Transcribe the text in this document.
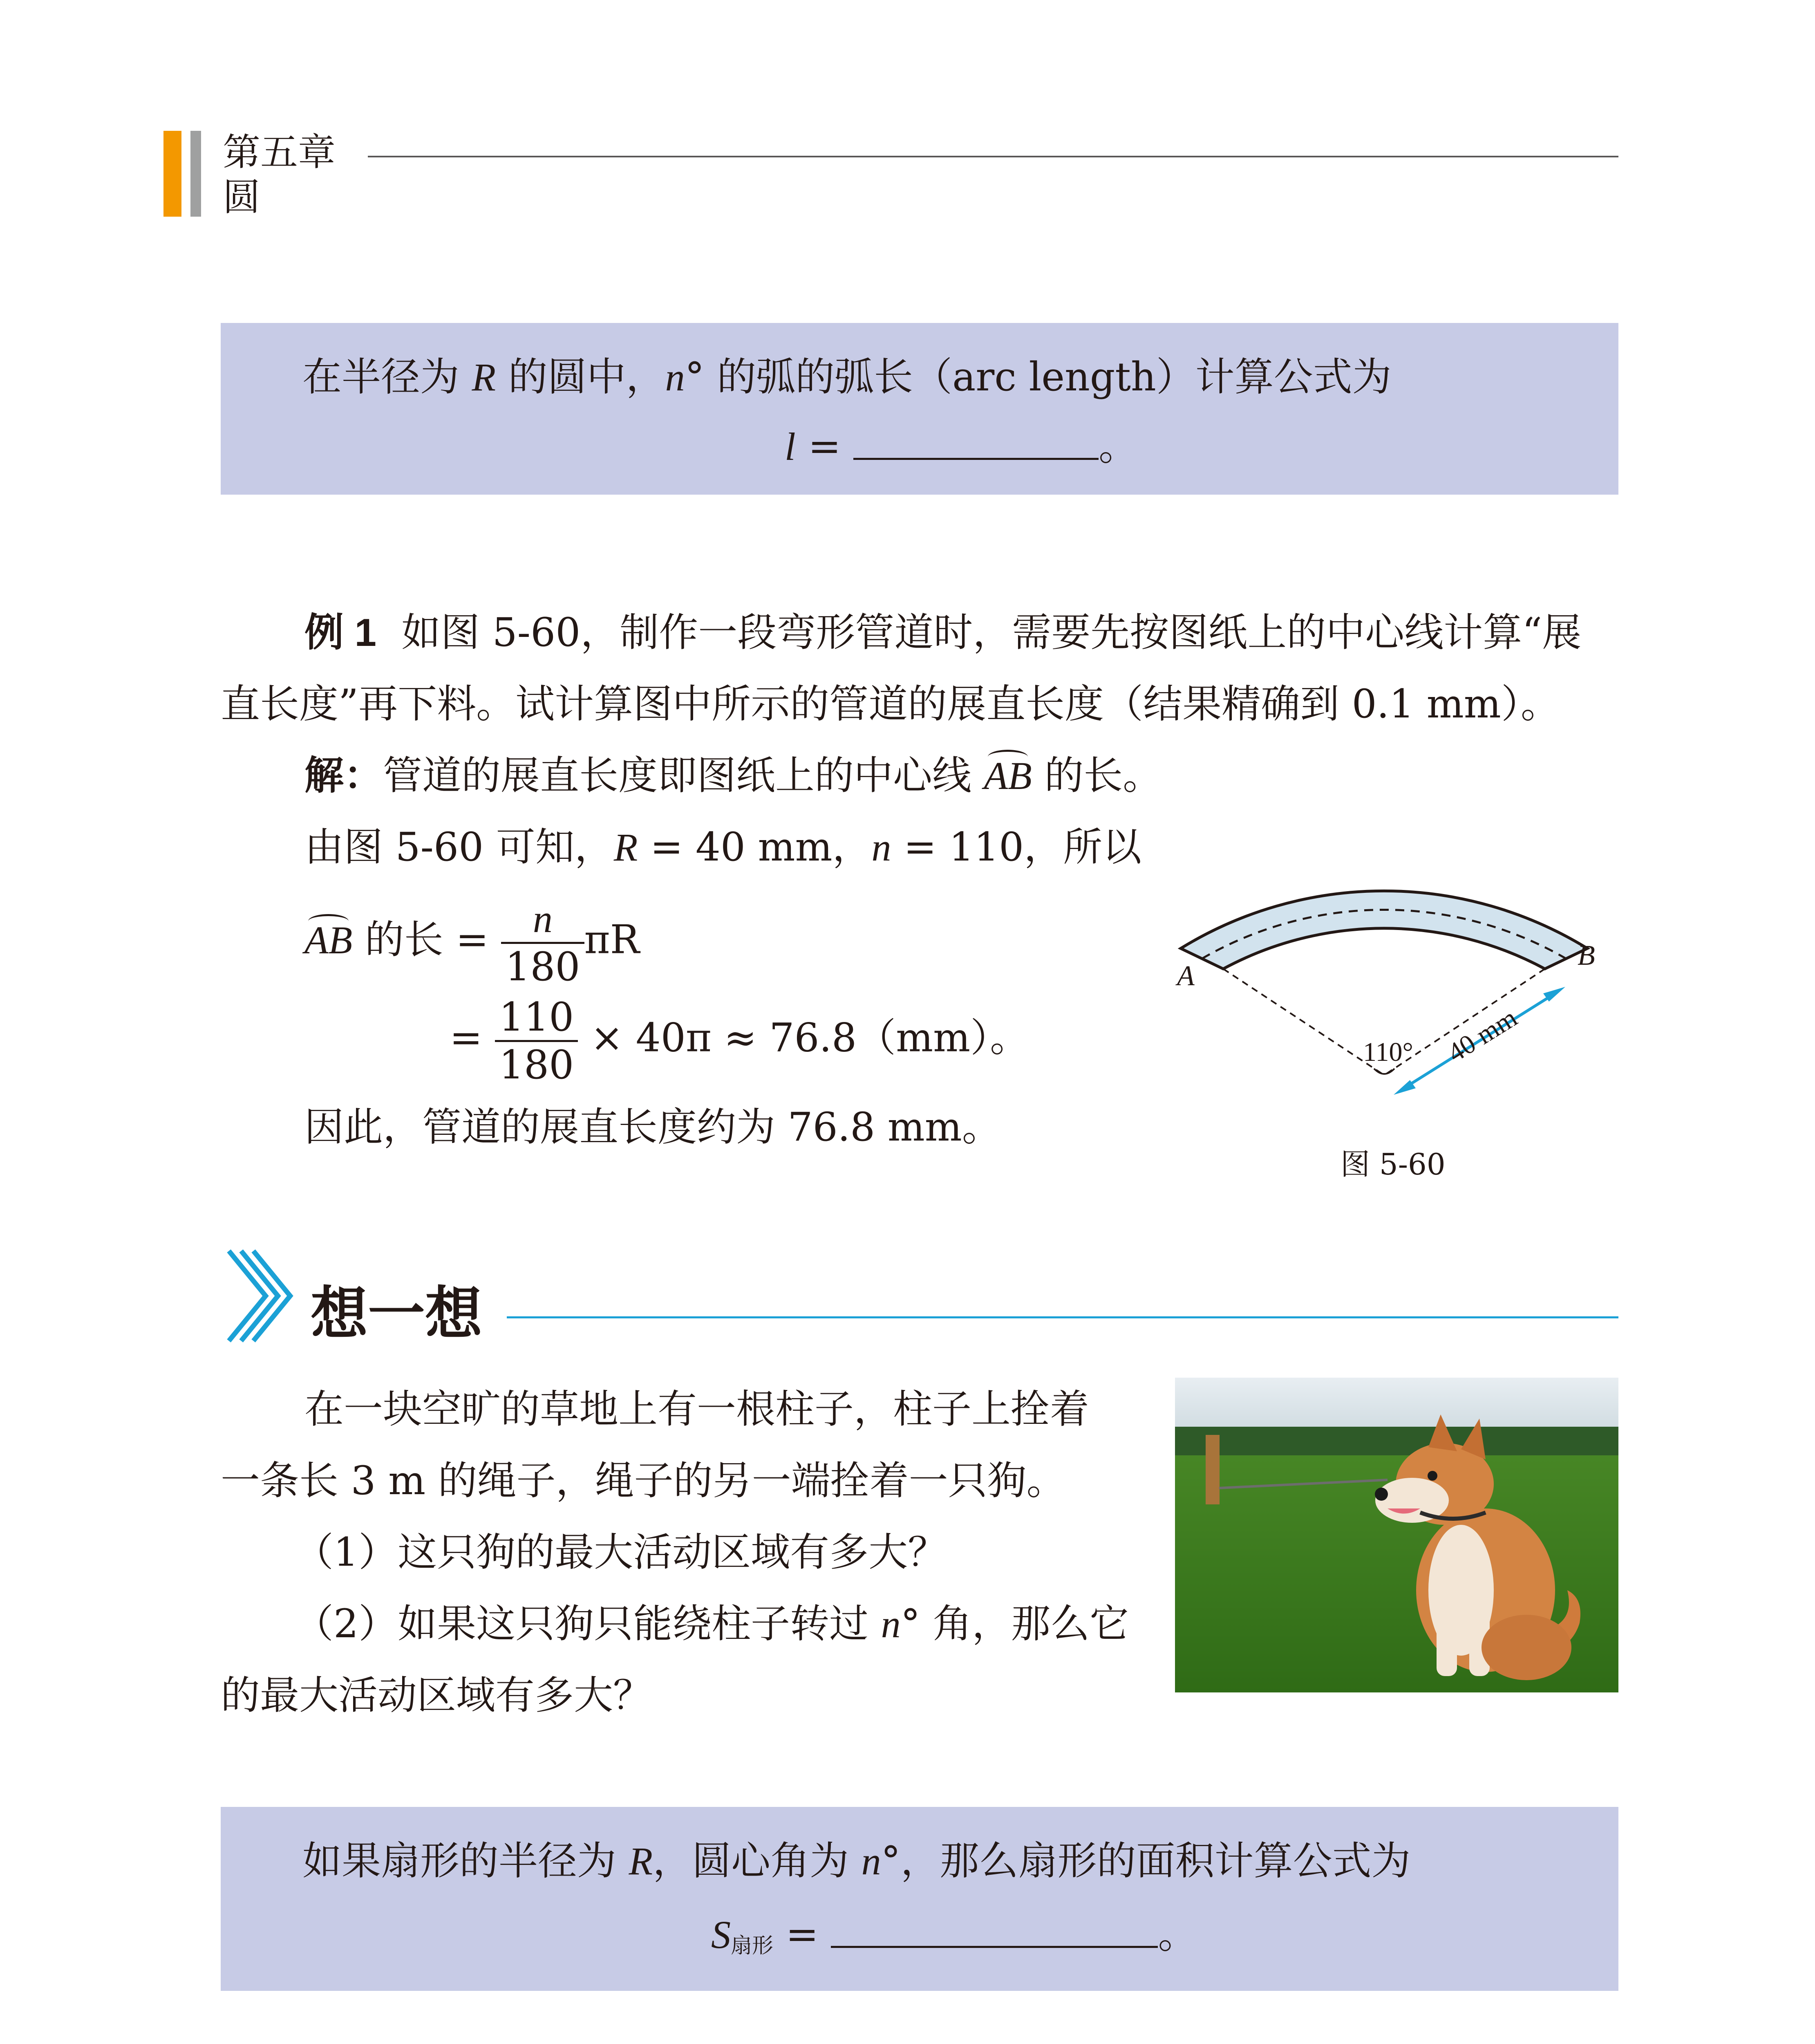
第五章
圆
在半径为 R 的圆中，n° 的弧的弧长（arc length）计算公式为
l =	。
例 1 如图 5-60，制作一段弯形管道时，需要先按图纸上的中心线计算“展
直长度”再下料。试计算图中所示的管道的展直长度（结果精确到 0.1 mm）。
解：管道的展直长度即图纸上的中心线 AB 的长。
由图 5-60 可知，R = 40 mm，n = 110，所以
AB 的长 = $\frac{n}{180}$ πR
= $\frac{110}{180} \times 40\pi \approx 76.8(mm)$。
因此，管道的展直长度约为 76.8 mm。
A
B
110° 40 mm
图 5-60
想一想
在一块空旷的草地上有一根柱子，柱子上拴着
一条长 3 m 的绳子，绳子的另一端拴着一只狗。
（1）这只狗的最大活动区域有多大？
（2）如果这只狗只能绕柱子转过 n° 角，那么它
的最大活动区域有多大？
如果扇形的半径为 R，圆心角为 n°，那么扇形的面积计算公式为
$S_{扇形}$ =	。
